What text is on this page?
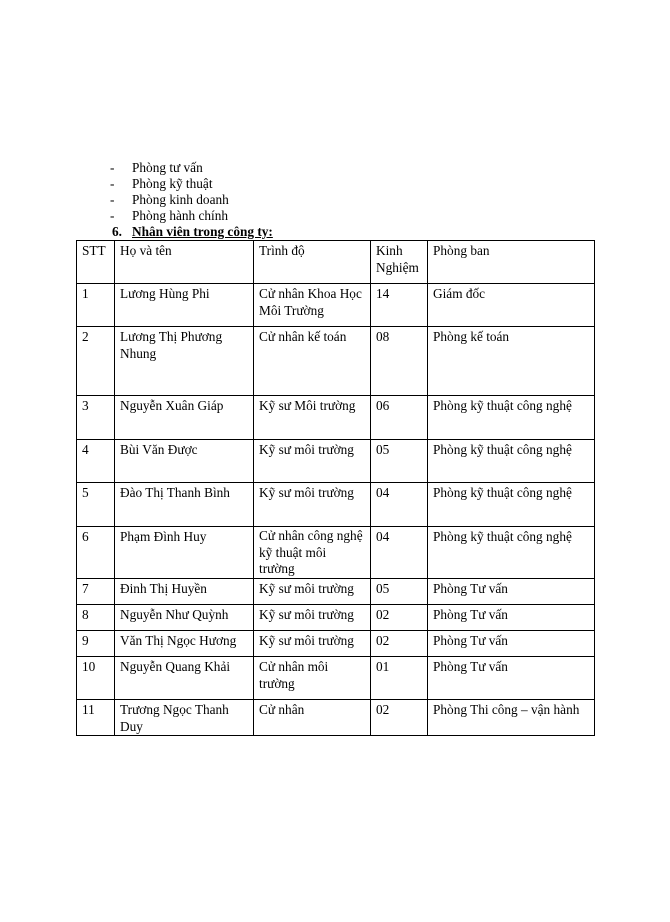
-	Phòng tư vấn
-	Phòng kỹ thuật
-	Phòng kinh doanh
-	Phòng hành chính
6. Nhân viên trong công ty:
STT	Họ và tên	Trình độ	Kinh Nghiệm	Phòng ban
1	Lương Hùng Phi	Cử nhân Khoa Học Môi Trường	14	Giám đốc
2	Lương Thị Phương Nhung	Cử nhân kế toán	08	Phòng kế toán
3	Nguyễn Xuân Giáp	Kỹ sư Môi trường	06	Phòng kỹ thuật công nghệ
4	Bùi Văn Được	Kỹ sư môi trường	05	Phòng kỹ thuật công nghệ
5	Đào Thị Thanh Bình	Kỹ sư môi trường	04	Phòng kỹ thuật công nghệ
6	Phạm Đình Huy	Cử nhân công nghệ kỹ thuật môi trường	04	Phòng kỹ thuật công nghệ
7	Đinh Thị Huyền	Kỹ sư môi trường	05	Phòng Tư vấn
8	Nguyễn Như Quỳnh	Kỹ sư môi trường	02	Phòng Tư vấn
9	Văn Thị Ngọc Hương	Kỹ sư môi trường	02	Phòng Tư vấn
10	Nguyễn Quang Khải	Cử nhân môi trường	01	Phòng Tư vấn
11	Trương Ngọc Thanh Duy	Cử nhân	02	Phòng Thi công – vận hành
